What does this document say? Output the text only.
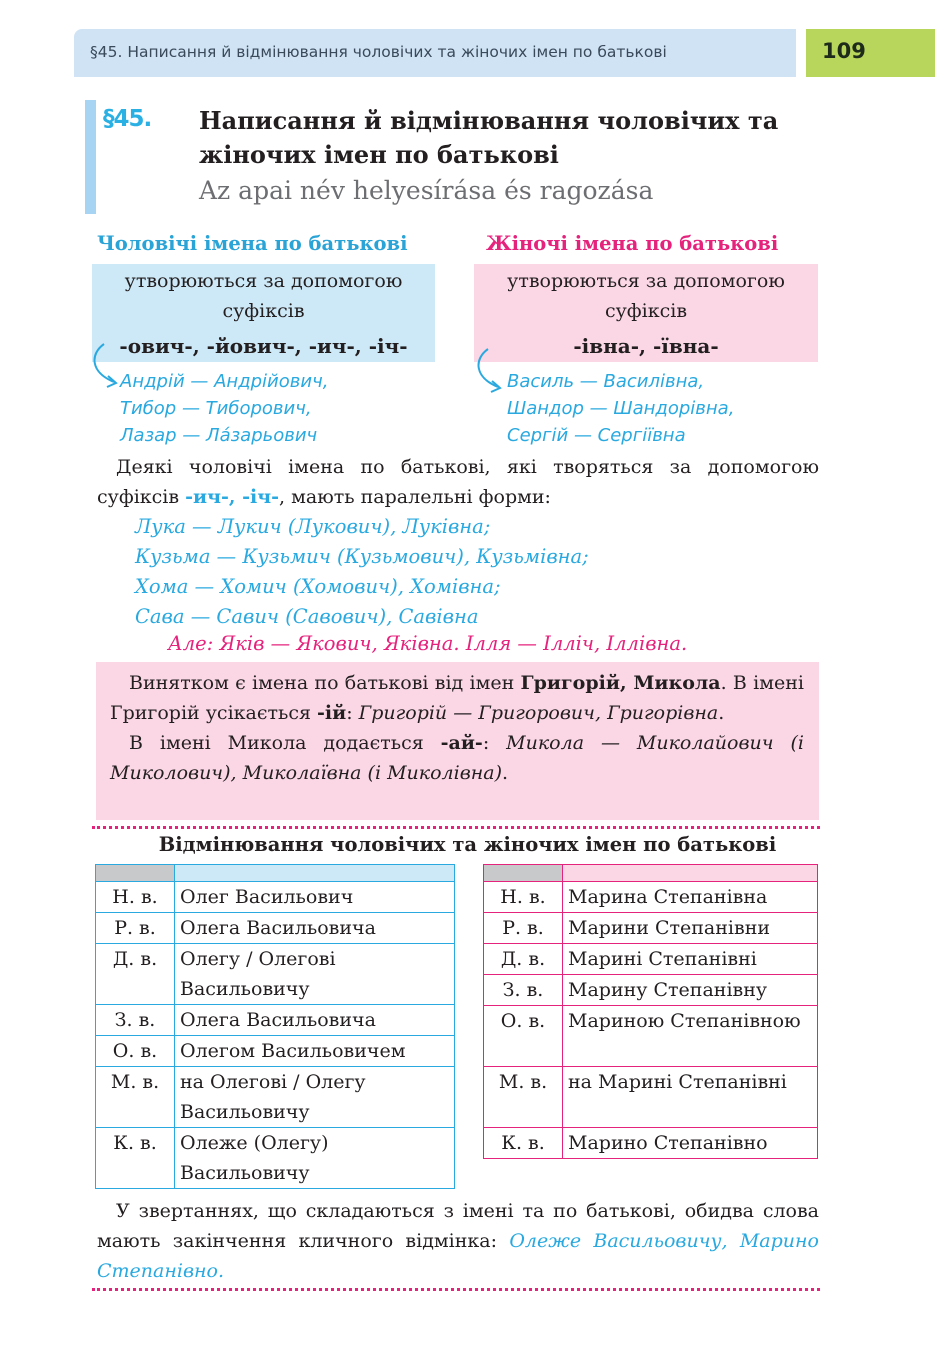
§45. Написання й відмінювання чоловічих та жіночих імен по батькові	109
§45. Написання й відмінювання чоловічих та
жіночих імен по батькові
Az apai név helyesírása és ragozása
Чоловічі імена по батькові
утворюються за допомогою
суфіксів
-ович-, -йович-, -ич-, -іч-
Андрій — Андрійович,
Тибор — Тиборович,
Лазар — Ла́зарьович
Жіночі імена по батькові
утворюються за допомогою
суфіксів
-івна-, -ївна-
Василь — Василівна,
Шандор — Шандорівна,
Сергій — Сергіївна
 Деякі чоловічі імена по батькові, які творяться за допомогою суфіксів -ич-, -іч-, мають паралельні форми:
Лука — Лукич (Лукович), Луківна;
Кузьма — Кузьмич (Кузьмович), Кузьмівна;
Хома — Хомич (Хомович), Хомівна;
Сава — Савич (Савович), Савівна
Але: Яків — Якович, Яківна. Ілля — Ілліч, Іллівна.
 Винятком є імена по батькові від імен Григорій, Микола. В імені Григорій усікається -ій: Григорій — Григорович, Григорівна.
 В імені Микола додається -ай-: Микола — Миколайович (і Миколович), Миколаївна (і Миколівна).
Відмінювання чоловічих та жіночих імен по батькові

Н. в.	Олег Васильович
Р. в.	Олега Васильовича
Д. в.	Олегу / Олегові Васильовичу
З. в.	Олега Васильовича
О. в.	Олегом Васильовичем
М. в.	на Олегові / Олегу Васильовичу
К. в.	Олеже (Олегу) Васильовичу

Н. в.	Марина Степанівна
Р. в.	Марини Степанівни
Д. в.	Марині Степанівні
З. в.	Марину Степанівну
О. в.	Мариною Степанівною
М. в.	на Марині Степанівні
К. в.	Марино Степанівно
 У звертаннях, що складаються з імені та по батькові, обидва слова мають закінчення кличного відмінка: Олеже Васильовичу, Марино Степанівно.
